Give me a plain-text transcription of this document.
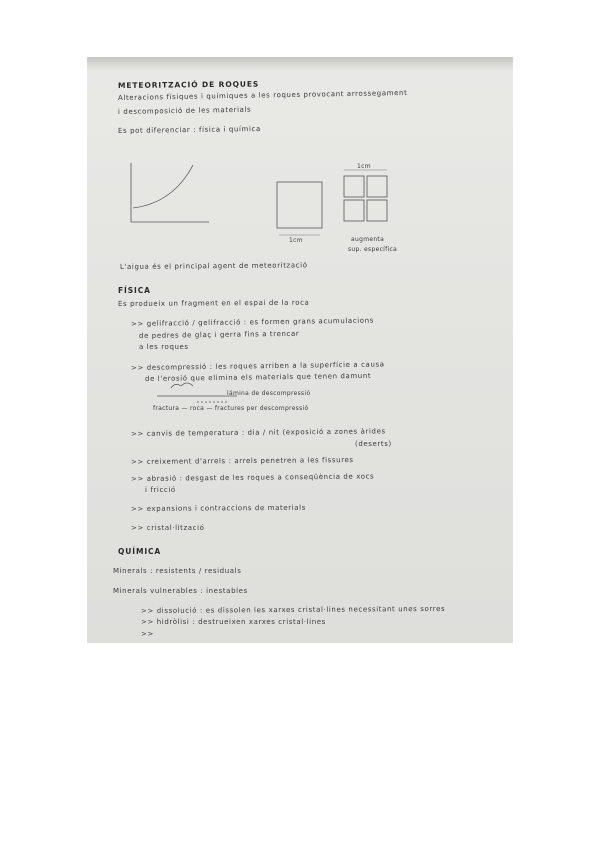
METEORITZACIÓ DE ROQUES
Alteracions físiques i químiques a les roques provocant arrossegament
i descomposició de les materials
Es pot diferenciar : física i química
1cm
1cm
augmenta
sup. específica
L'aigua és el principal agent de meteorització
FÍSICA
Es produeix un fragment en el espai de la roca
>> gelifracció / gelifracció : es formen grans acumulacions
de pedres de glaç i gerra fins a trencar
a les roques
>> descompressió : les roques arriben a la superfície a causa
de l'erosió que elimina els materials que tenen damunt
lámina de descompressió
fractura — roca — fractures per descompressió
>> canvis de temperatura : dia / nit (exposició a zones àrides
(deserts)
>> creixement d'arrels : arrels penetren a les fissures
>> abrasió : desgast de les roques a conseqüència de xocs
i fricció
>> expansions i contraccions de materials
>> cristal·lització
QUÍMICA
Minerals : resistents / residuals
Minerals vulnerables : inestables
>> dissolució : es dissolen les xarxes cristal·lines necessitant unes sorres
>> hidròlisi : destrueixen xarxes cristal·lines
>>
